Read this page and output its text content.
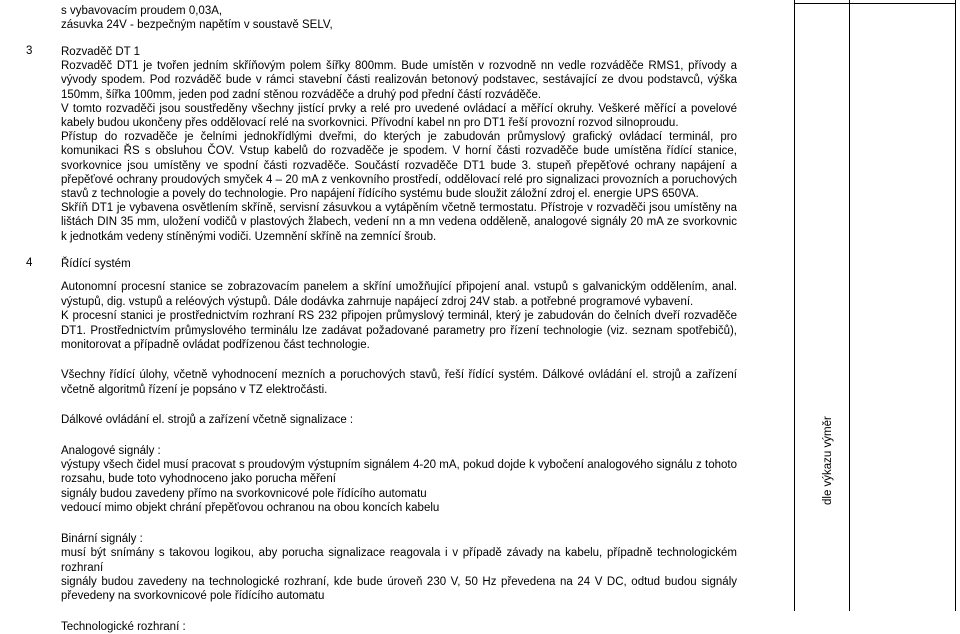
s vybavovacím proudem 0,03A,
zásuvka 24V - bezpečným napětím v soustavě SELV,
3 Rozvaděč DT 1
Rozvaděč DT1 je tvořen jedním skříňovým polem šířky 800mm. Bude umístěn v rozvodně nn vedle rozváděče RMS1, přívody a vývody spodem. Pod rozváděč bude v rámci stavební části realizován betonový podstavec, sestávající ze dvou podstavců, výška 150mm, šířka 100mm, jeden pod zadní stěnou rozváděče a druhý pod přední částí rozváděče.
V tomto rozvaděči jsou soustředěny všechny jistící prvky a relé pro uvedené ovládací a měřící okruhy. Veškeré měřící a povelové kabely budou ukončeny přes oddělovací relé na svorkovnici. Přívodní kabel nn pro DT1 řeší provozní rozvod silnoproudu.
Přístup do rozvaděče je čelními jednokřídlými dveřmi, do kterých je zabudován průmyslový grafický ovládací terminál, pro komunikaci ŘS s obsluhou ČOV. Vstup kabelů do rozvaděče je spodem. V horní části rozvaděče bude umístěna řídící stanice, svorkovnice jsou umístěny ve spodní části rozvaděče. Součástí rozvaděče DT1 bude 3. stupeň přepěťové ochrany napájení a přepěťové ochrany proudových smyček 4 – 20 mA z venkovního prostředí, oddělovací relé pro signalizaci provozních a poruchových stavů z technologie a povely do technologie. Pro napájení řídícího systému bude sloužit záložní zdroj el. energie UPS 650VA.
Skříň DT1 je vybavena osvětlením skříně, servisní zásuvkou a vytápěním včetně termostatu. Přístroje v rozvaděči jsou umístěny na lištách DIN 35 mm, uložení vodičů v plastových žlabech, vedení nn a mn vedena odděleně, analogové signály 20 mA ze svorkovnic k jednotkám vedeny stíněnými vodiči. Uzemnění skříně na zemnící šroub.
4 Řídící systém
Autonomní procesní stanice se zobrazovacím panelem a skříní umožňující připojení anal. vstupů s galvanickým oddělením, anal. výstupů, dig. vstupů a reléových výstupů. Dále dodávka zahrnuje napájecí zdroj 24V stab. a potřebné programové vybavení.
K procesní stanici je prostřednictvím rozhraní RS 232 připojen průmyslový terminál, který je zabudován do čelních dveří rozvaděče DT1. Prostřednictvím průmyslového terminálu lze zadávat požadované parametry pro řízení technologie (viz. seznam spotřebičů), monitorovat a případně ovládat podřízenou část technologie.
Všechny řídící úlohy, včetně vyhodnocení mezních a poruchových stavů, řeší řídící systém. Dálkové ovládání el. strojů a zařízení včetně algoritmů řízení je popsáno v TZ elektročásti.
Dálkové ovládání el. strojů a zařízení včetně signalizace :
Analogové signály :
výstupy všech čidel musí pracovat s proudovým výstupním signálem 4-20 mA, pokud dojde k vybočení analogového signálu z tohoto rozsahu, bude toto vyhodnoceno jako porucha měření
signály budou zavedeny přímo na svorkovnicové pole řídícího automatu
vedoucí mimo objekt chrání přepěťovou ochranou na obou koncích kabelu
Binární signály :
musí být snímány s takovou logikou, aby porucha signalizace reagovala i v případě závady na kabelu, případně technologickém rozhraní
signály budou zavedeny na technologické rozhraní, kde bude úroveň 230 V, 50 Hz převedena na 24 V DC, odtud budou signály převedeny na svorkovnicové pole řídícího automatu
Technologické rozhraní :
dle výkazu výměr
